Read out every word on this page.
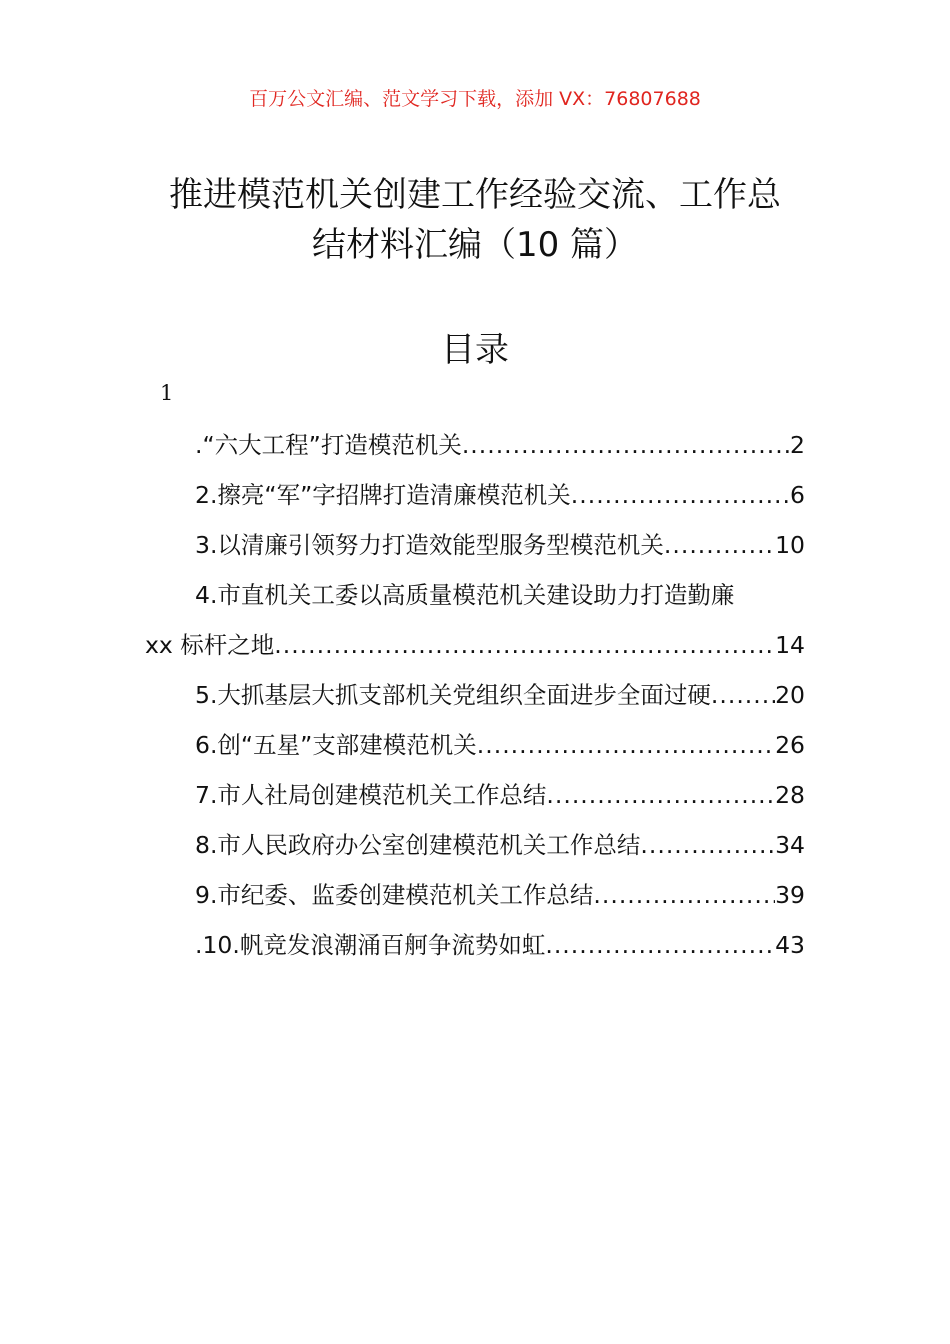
百万公文汇编、范文学习下载，添加 VX：76807688
推进模范机关创建工作经验交流、工作总
结材料汇编（10 篇）
目录
1
.“六大工程”打造模范机关 .....	2
2.擦亮“军”字招牌打造清廉模范机关 .....	6
3.以清廉引领努力打造效能型服务型模范机关 .....	10
4.市直机关工委以高质量模范机关建设助力打造勤廉
xx 标杆之地 .....	14
5.大抓基层大抓支部机关党组织全面进步全面过硬 .....	20
6.创“五星”支部建模范机关 .....	26
7.市人社局创建模范机关工作总结 .....	28
8.市人民政府办公室创建模范机关工作总结 .....	34
9.市纪委、监委创建模范机关工作总结 .....	39
.10.帆竞发浪潮涌百舸争流势如虹 .....	43
